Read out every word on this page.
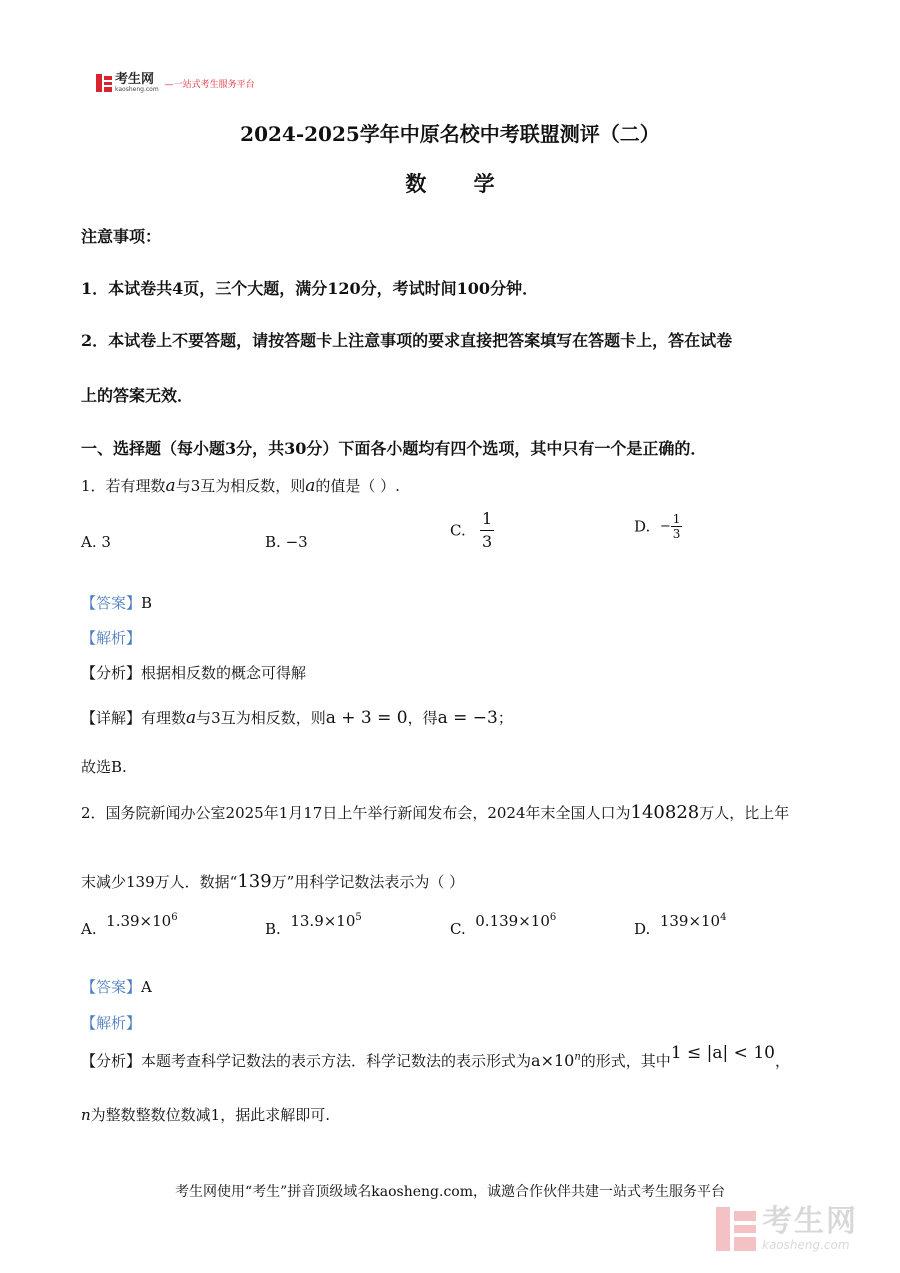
考生网
kaosheng.com —一站式考生服务平台
2024-2025学年中原名校中考联盟测评（二）
数 学
注意事项：
1．本试卷共4页，三个大题，满分120分，考试时间100分钟．
2．本试卷上不要答题，请按答题卡上注意事项的要求直接把答案填写在答题卡上，答在试卷
上的答案无效．
一、选择题（每小题3分，共30分）下面各小题均有四个选项，其中只有一个是正确的．
1．若有理数a与3互为相反数，则a的值是（ ）.
A. 3	B. −3
C. $\frac{1}{3}$	D. − $\frac{1}{3}$
【答案】B
【解析】
【分析】根据相反数的概念可得解
【详解】有理数a与3互为相反数，则a + 3 = 0，得a = −3；
故选B.
2．国务院新闻办公室2025年1月17日上午举行新闻发布会，2024年末全国人口为140828万人，比上年
末减少139万人．数据“139万”用科学记数法表示为（ ）
A. $1.39\times 10^6$
B. $13.9\times 10^5$
C. $0.139\times 10^6$
D. $139\times 10^4$
【答案】A
【解析】
【分析】本题考查科学记数法的表示方法．科学记数法的表示形式为$a\times 10^n$的形式，其中1 ≤ |a| < 10，
n为整数整数位数减1，据此求解即可.
考生网使用“考生”拼音顶级域名kaosheng.com，诚邀合作伙伴共建一站式考生服务平台
考生网
kaosheng.com
